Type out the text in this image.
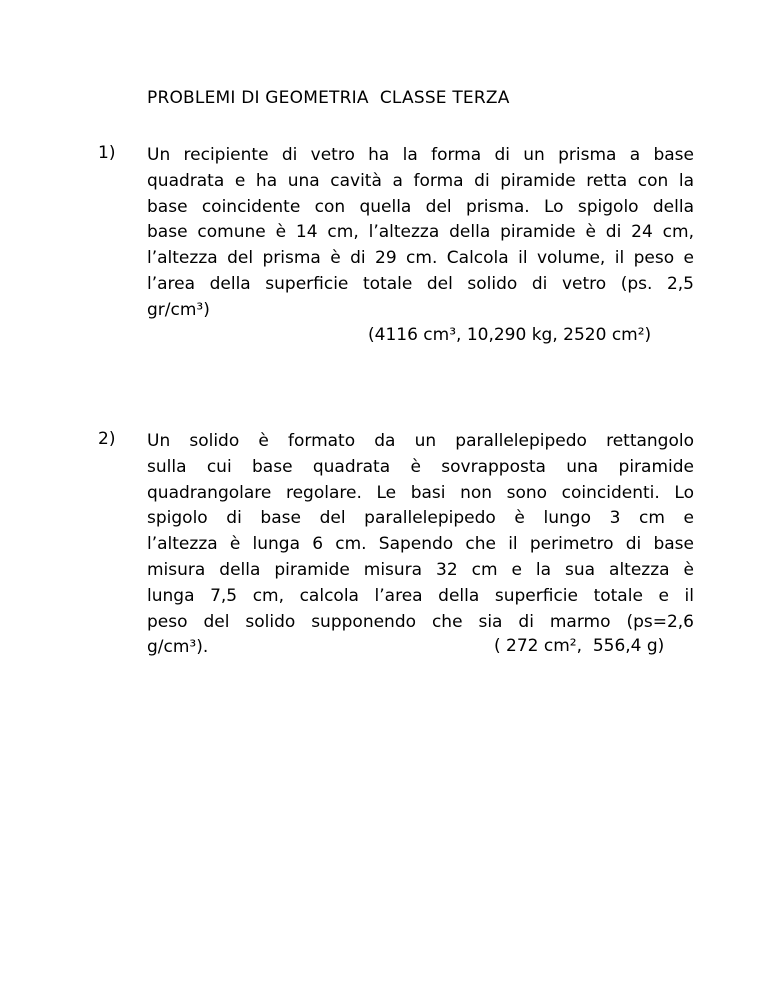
PROBLEMI DI GEOMETRIA  CLASSE TERZA
1) Un recipiente di vetro ha la forma di un prisma a base
quadrata e ha una cavità a forma di piramide retta con la
base coincidente con quella del prisma. Lo spigolo della
base comune è 14 cm, l’altezza della piramide è di 24 cm,
l’altezza del prisma è di 29 cm. Calcola il volume, il peso e
l’area della superficie totale del solido di vetro (ps. 2,5
gr/cm³)
(4116 cm³, 10,290 kg, 2520 cm²)
2) Un solido è formato da un parallelepipedo rettangolo
sulla cui base quadrata è sovrapposta una piramide
quadrangolare regolare. Le basi non sono coincidenti. Lo
spigolo di base del parallelepipedo è lungo 3 cm e
l’altezza è lunga 6 cm. Sapendo che il perimetro di base
misura della piramide misura 32 cm e la sua altezza è
lunga 7,5 cm, calcola l’area della superficie totale e il
peso del solido supponendo che sia di marmo (ps=2,6
g/cm³).	( 272 cm²,  556,4 g)
